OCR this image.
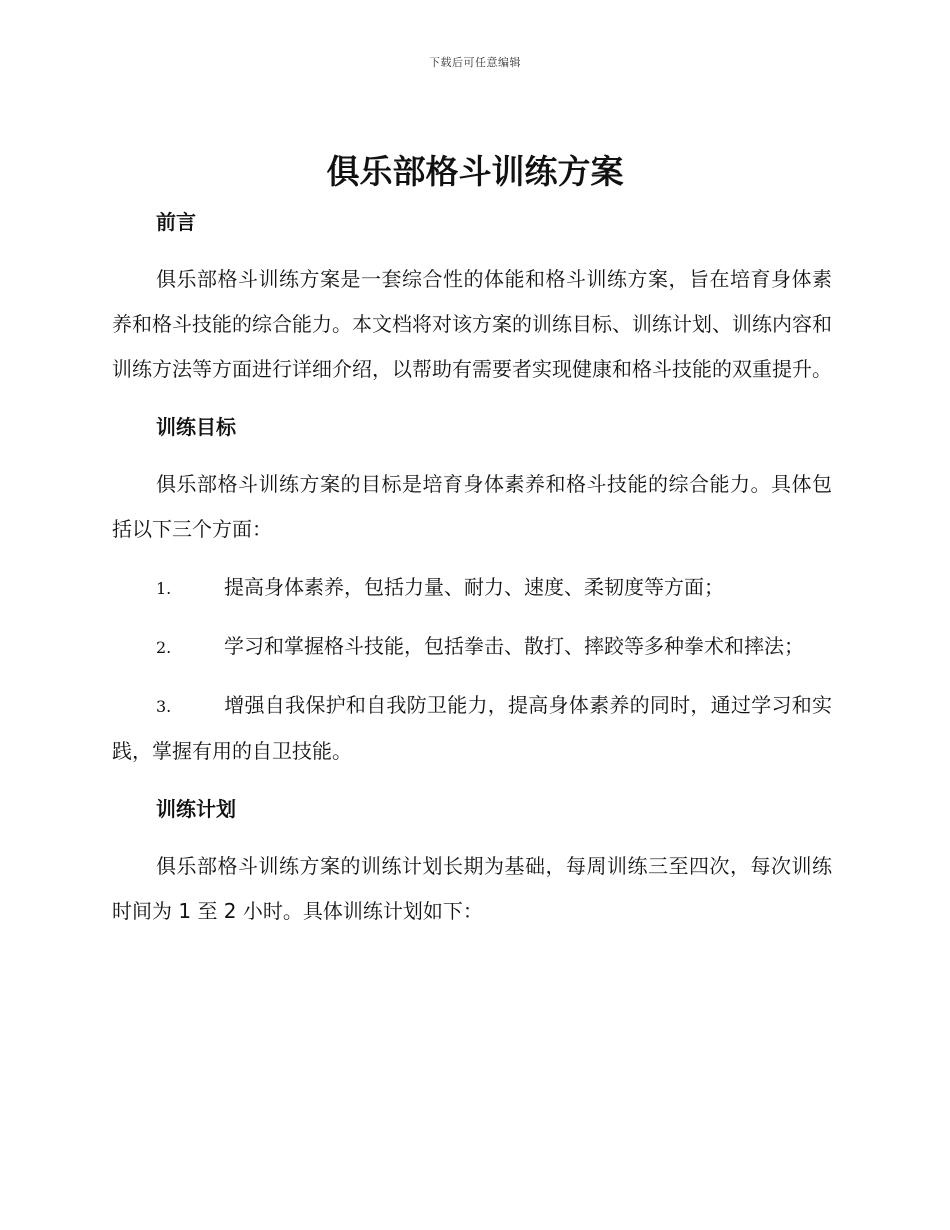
下载后可任意编辑
俱乐部格斗训练方案
前言

俱乐部格斗训练方案是一套综合性的体能和格斗训练方案，旨在培育身体素养和格斗技能的综合能力。本文档将对该方案的训练目标、训练计划、训练内容和训练方法等方面进行详细介绍，以帮助有需要者实现健康和格斗技能的双重提升。

训练目标

俱乐部格斗训练方案的目标是培育身体素养和格斗技能的综合能力。具体包括以下三个方面：

1.	提高身体素养，包括力量、耐力、速度、柔韧度等方面；

2.	学习和掌握格斗技能，包括拳击、散打、摔跤等多种拳术和摔法；

3.	增强自我保护和自我防卫能力，提高身体素养的同时，通过学习和实践，掌握有用的自卫技能。

训练计划

俱乐部格斗训练方案的训练计划长期为基础，每周训练三至四次，每次训练时间为 1 至 2 小时。具体训练计划如下：
